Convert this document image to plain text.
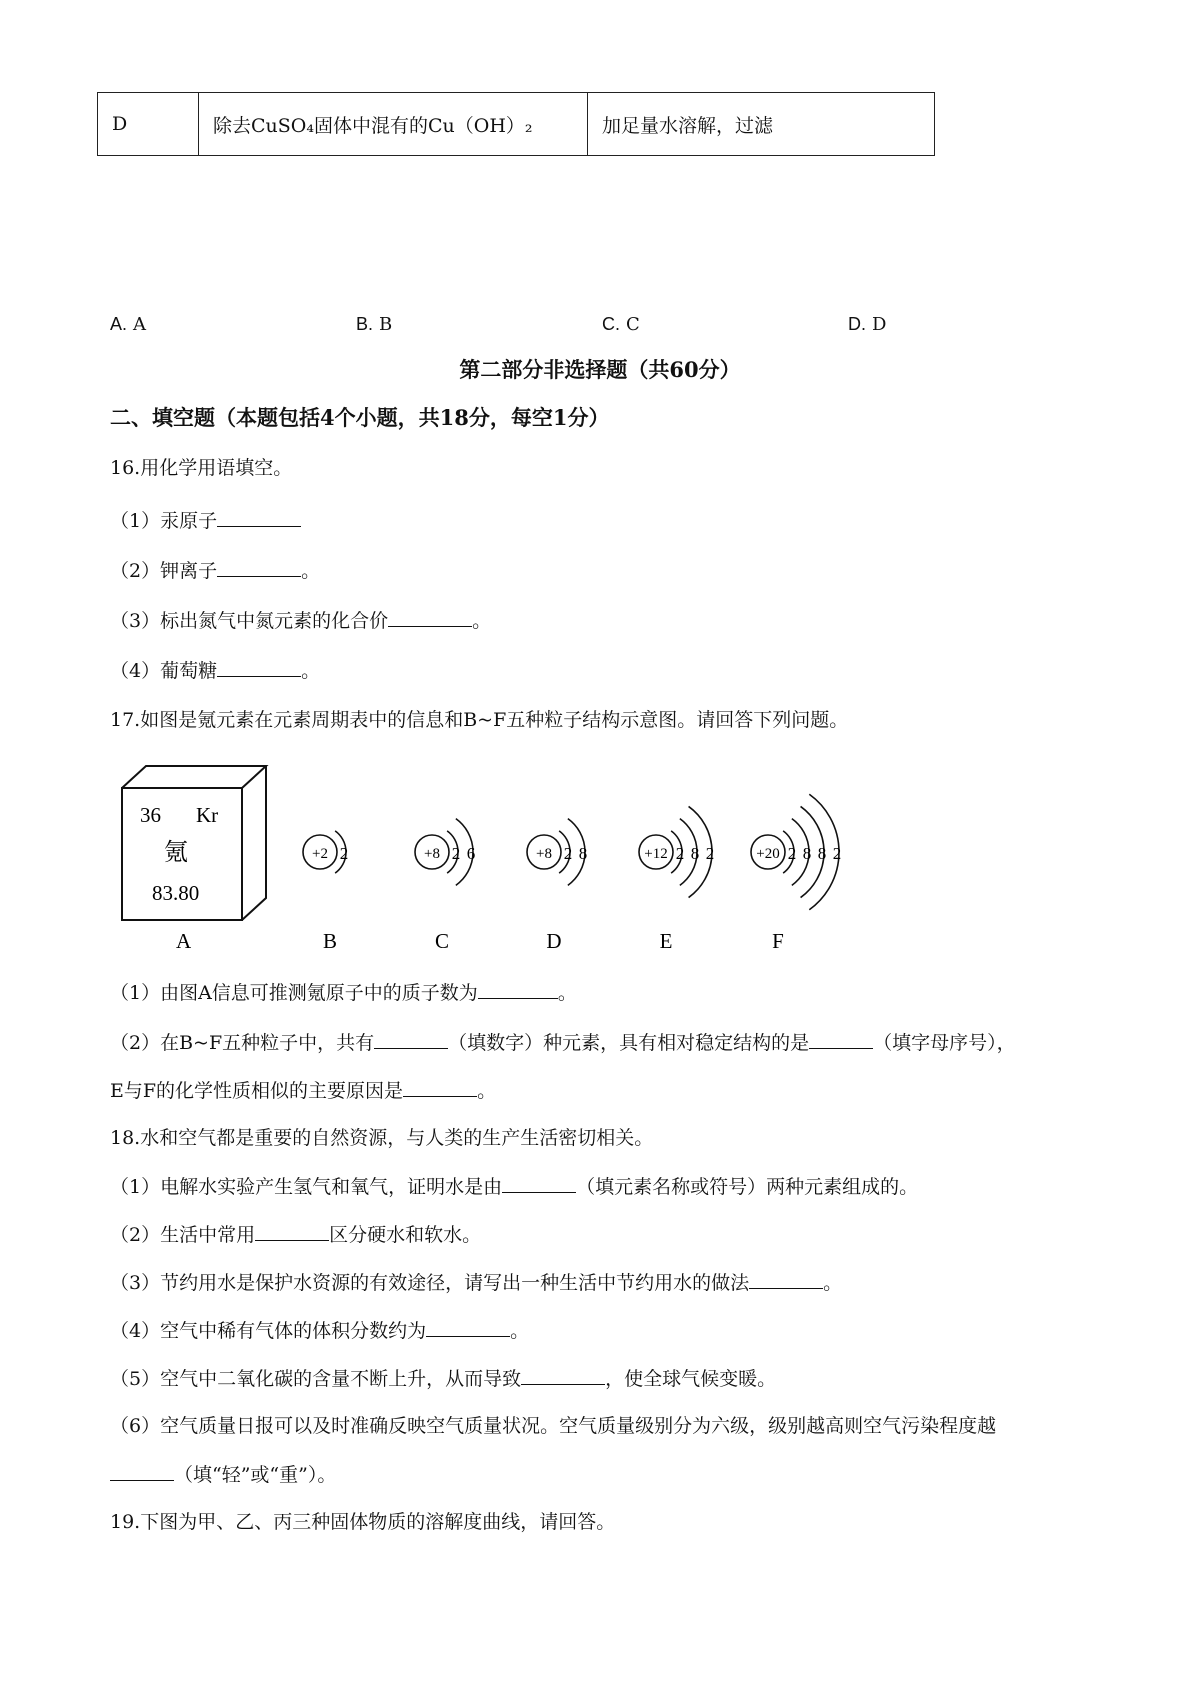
D	除去CuSO₄固体中混有的Cu（OH）₂	加足量水溶解，过滤
A. A	B. B	C. C	D. D
第二部分非选择题（共60分）
二、填空题（本题包括4个小题，共18分，每空1分）
16.用化学用语填空。
（1）汞原子
（2）钾离子	。
（3）标出氮气中氮元素的化合价	。
（4）葡萄糖	。
17.如图是氪元素在元素周期表中的信息和B~F五种粒子结构示意图。请回答下列问题。
36 Kr
氪
83.80
A
+2 2
B
+8 2 6
C
+8 2 8
D
+12 2 8 2
E
+20 2 8 8 2
F
（1）由图A信息可推测氪原子中的质子数为	。
（2）在B~F五种粒子中，共有	（填数字）种元素，具有相对稳定结构的是	（填字母序号），
E与F的化学性质相似的主要原因是	。
18.水和空气都是重要的自然资源，与人类的生产生活密切相关。
（1）电解水实验产生氢气和氧气，证明水是由	（填元素名称或符号）两种元素组成的。
（2）生活中常用	区分硬水和软水。
（3）节约用水是保护水资源的有效途径，请写出一种生活中节约用水的做法	。
（4）空气中稀有气体的体积分数约为	。
（5）空气中二氧化碳的含量不断上升，从而导致	，使全球气候变暖。
（6）空气质量日报可以及时准确反映空气质量状况。空气质量级别分为六级，级别越高则空气污染程度越
（填“轻”或“重”）。
19.下图为甲、乙、丙三种固体物质的溶解度曲线，请回答。
